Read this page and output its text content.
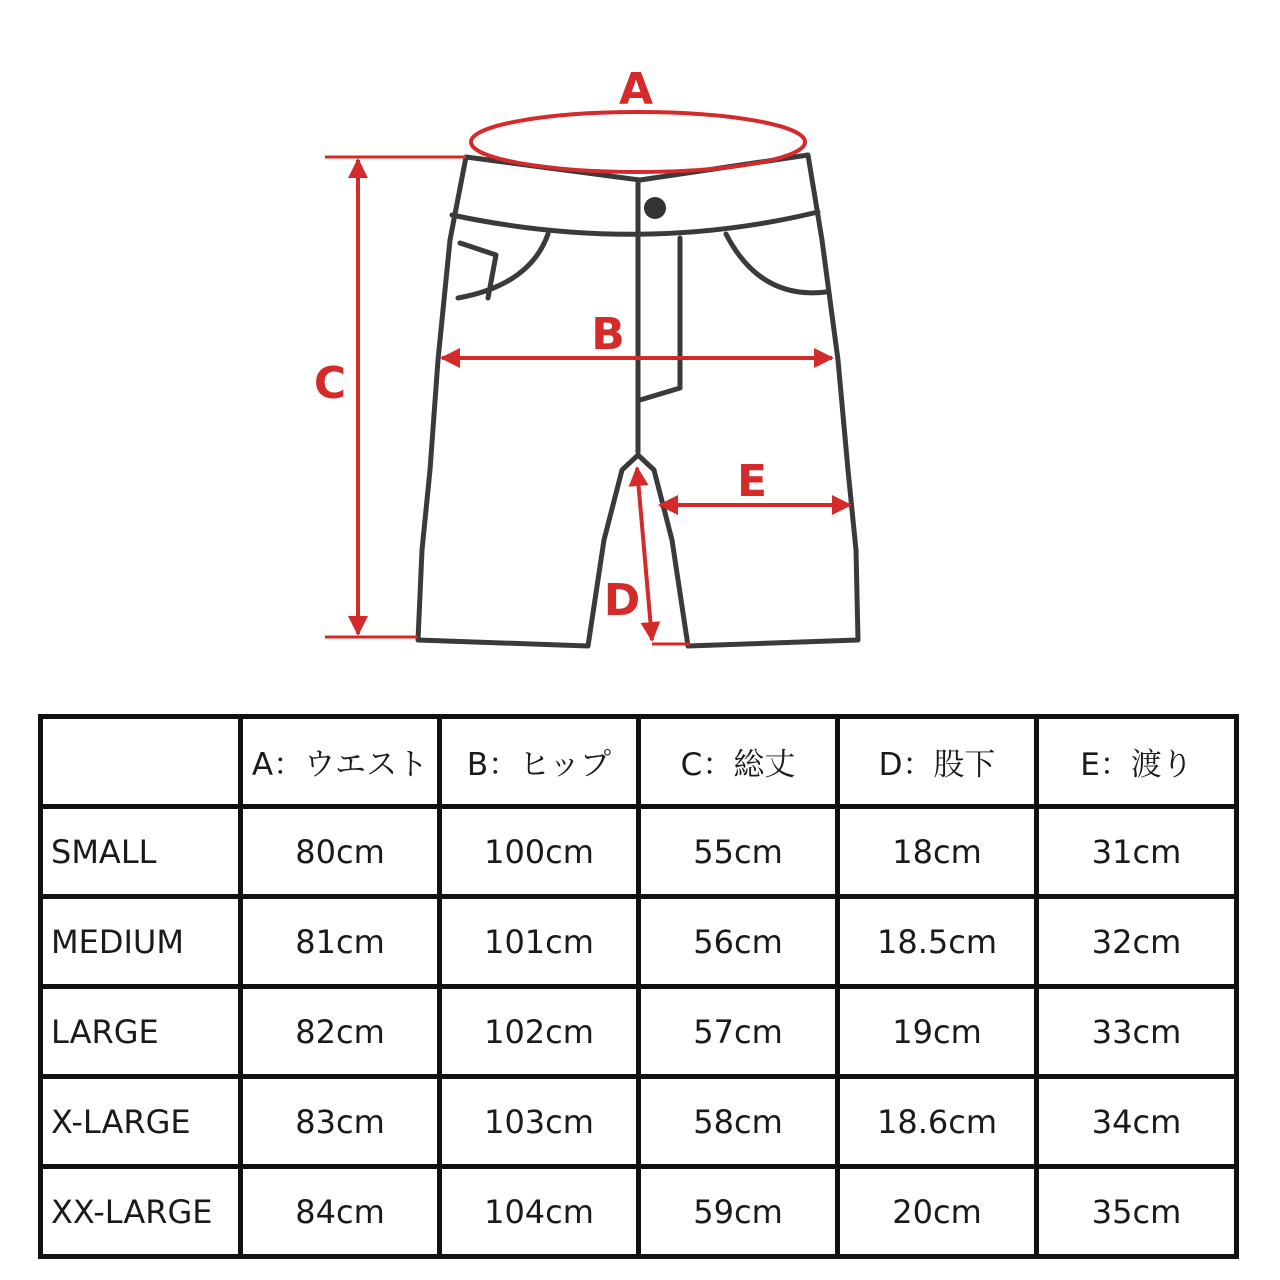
A
B
C
D
E
	A：ウエスト	B：ヒップ	C：総丈	D：股下	E：渡り
SMALL	80cm	100cm	55cm	18cm	31cm
MEDIUM	81cm	101cm	56cm	18.5cm	32cm
LARGE	82cm	102cm	57cm	19cm	33cm
X-LARGE	83cm	103cm	58cm	18.6cm	34cm
XX-LARGE	84cm	104cm	59cm	20cm	35cm
